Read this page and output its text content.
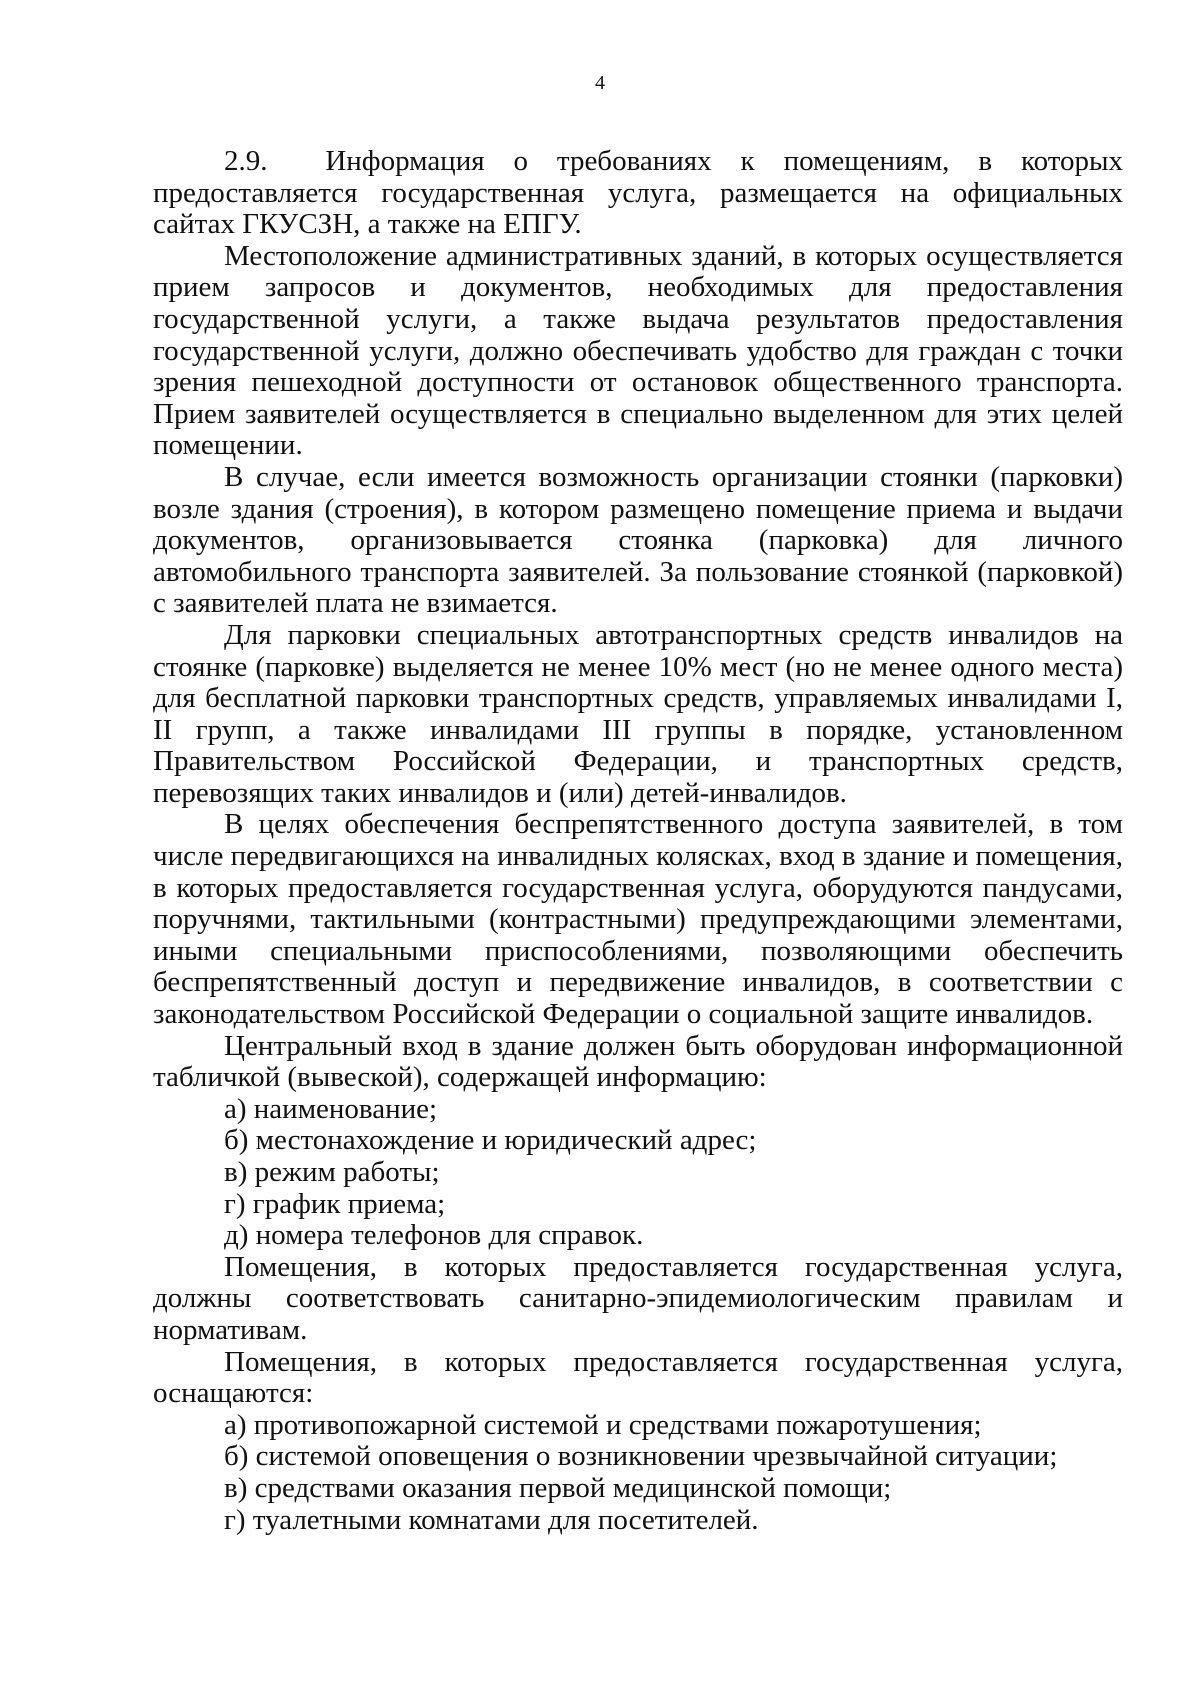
4

2.9.  Информация о требованиях к помещениям, в которых предоставляется государственная услуга, размещается на официальных сайтах ГКУСЗН, а также на ЕПГУ.

Местоположение административных зданий, в которых осуществляется прием запросов и документов, необходимых для предоставления государственной услуги, а также выдача результатов предоставления государственной услуги, должно обеспечивать удобство для граждан с точки зрения пешеходной доступности от остановок общественного транспорта. Прием заявителей осуществляется в специально выделенном для этих целей помещении.

В случае, если имеется возможность организации стоянки (парковки) возле здания (строения), в котором размещено помещение приема и выдачи документов, организовывается стоянка (парковка) для личного автомобильного транспорта заявителей. За пользование стоянкой (парковкой) с заявителей плата не взимается.

Для парковки специальных автотранспортных средств инвалидов на стоянке (парковке) выделяется не менее 10% мест (но не менее одного места) для бесплатной парковки транспортных средств, управляемых инвалидами I, II групп, а также инвалидами III группы в порядке, установленном Правительством Российской Федерации, и транспортных средств, перевозящих таких инвалидов и (или) детей-инвалидов.

В целях обеспечения беспрепятственного доступа заявителей, в том числе передвигающихся на инвалидных колясках, вход в здание и помещения, в которых предоставляется государственная услуга, оборудуются пандусами, поручнями, тактильными (контрастными) предупреждающими элементами, иными специальными приспособлениями, позволяющими обеспечить беспрепятственный доступ и передвижение инвалидов, в соответствии с законодательством Российской Федерации о социальной защите инвалидов.

Центральный вход в здание должен быть оборудован информационной табличкой (вывеской), содержащей информацию:

а) наименование;

б) местонахождение и юридический адрес;

в) режим работы;

г) график приема;

д) номера телефонов для справок.

Помещения, в которых предоставляется государственная услуга, должны соответствовать санитарно-эпидемиологическим правилам и нормативам.

Помещения, в которых предоставляется государственная услуга, оснащаются:

а) противопожарной системой и средствами пожаротушения;

б) системой оповещения о возникновении чрезвычайной ситуации;

в) средствами оказания первой медицинской помощи;

г) туалетными комнатами для посетителей.
